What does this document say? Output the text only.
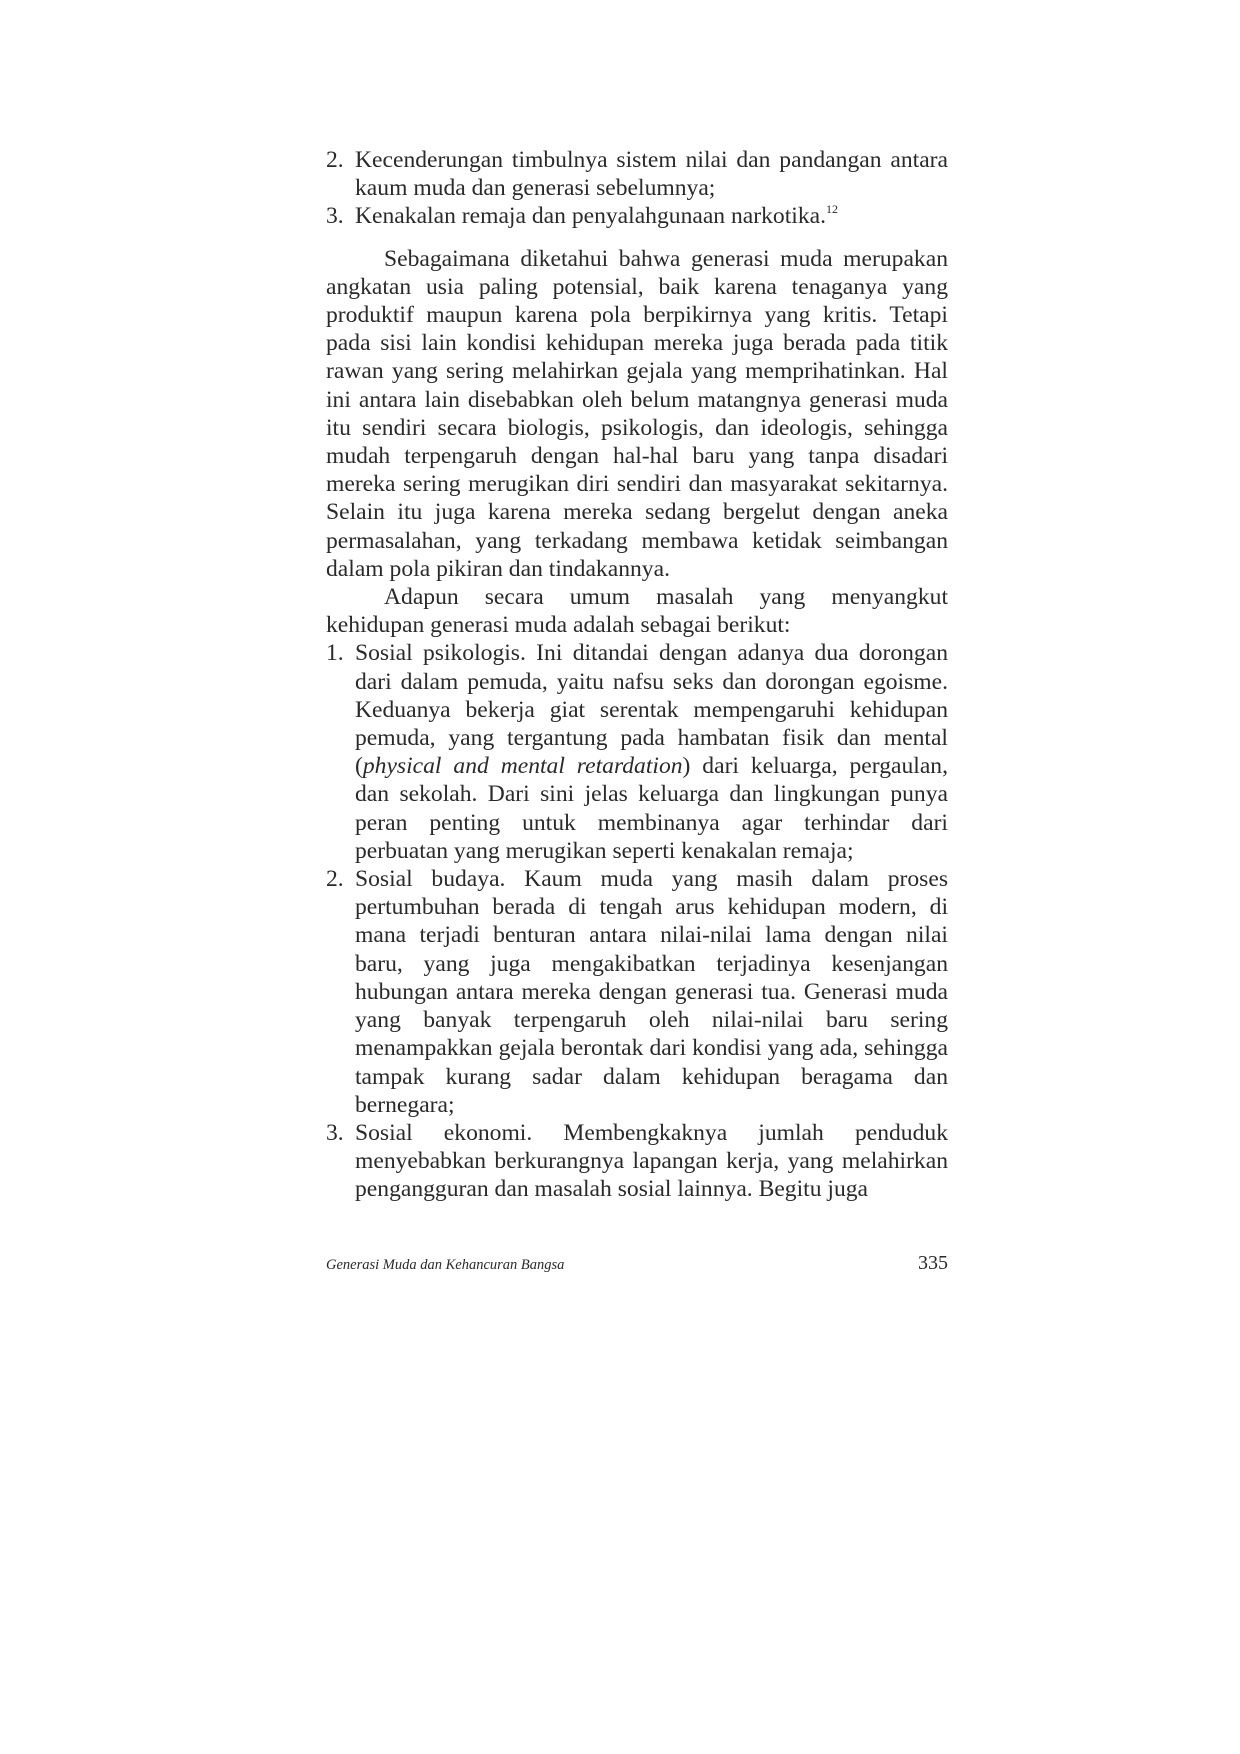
2. Kecenderungan timbulnya sistem nilai dan pandangan antara kaum muda dan generasi sebelumnya;
3. Kenakalan remaja dan penyalahgunaan narkotika.$^{12}$

Sebagaimana diketahui bahwa generasi muda merupakan angkatan usia paling potensial, baik karena tenaganya yang produktif maupun karena pola berpikirnya yang kritis. Tetapi pada sisi lain kondisi kehidupan mereka juga berada pada titik rawan yang sering melahirkan gejala yang memprihatinkan. Hal ini antara lain disebabkan oleh belum matangnya generasi muda itu sendiri secara biologis, psikologis, dan ideologis, sehingga mudah terpengaruh dengan hal-hal baru yang tanpa disadari mereka sering merugikan diri sendiri dan masyarakat sekitarnya. Selain itu juga karena mereka sedang bergelut dengan aneka permasalahan, yang terkadang membawa ketidak seimbangan dalam pola pikiran dan tindakannya.

Adapun secara umum masalah yang menyangkut kehidupan generasi muda adalah sebagai berikut:

1. Sosial psikologis. Ini ditandai dengan adanya dua dorongan dari dalam pemuda, yaitu nafsu seks dan dorongan egoisme. Keduanya bekerja giat serentak mempengaruhi kehidupan pemuda, yang tergantung pada hambatan fisik dan mental (physical and mental retardation) dari keluarga, pergaulan, dan sekolah. Dari sini jelas keluarga dan lingkungan punya peran penting untuk membinanya agar terhindar dari perbuatan yang merugikan seperti kenakalan remaja;
2. Sosial budaya. Kaum muda yang masih dalam proses pertumbuhan berada di tengah arus kehidupan modern, di mana terjadi benturan antara nilai-nilai lama dengan nilai baru, yang juga mengakibatkan terjadinya kesenjangan hubungan antara mereka dengan generasi tua. Generasi muda yang banyak terpengaruh oleh nilai-nilai baru sering menampakkan gejala berontak dari kondisi yang ada, sehingga tampak kurang sadar dalam kehidupan beragama dan bernegara;
3. Sosial ekonomi. Membengkaknya jumlah penduduk menyebabkan berkurangnya lapangan kerja, yang melahirkan pengangguran dan masalah sosial lainnya. Begitu juga
Generasi Muda dan Kehancuran Bangsa	335
